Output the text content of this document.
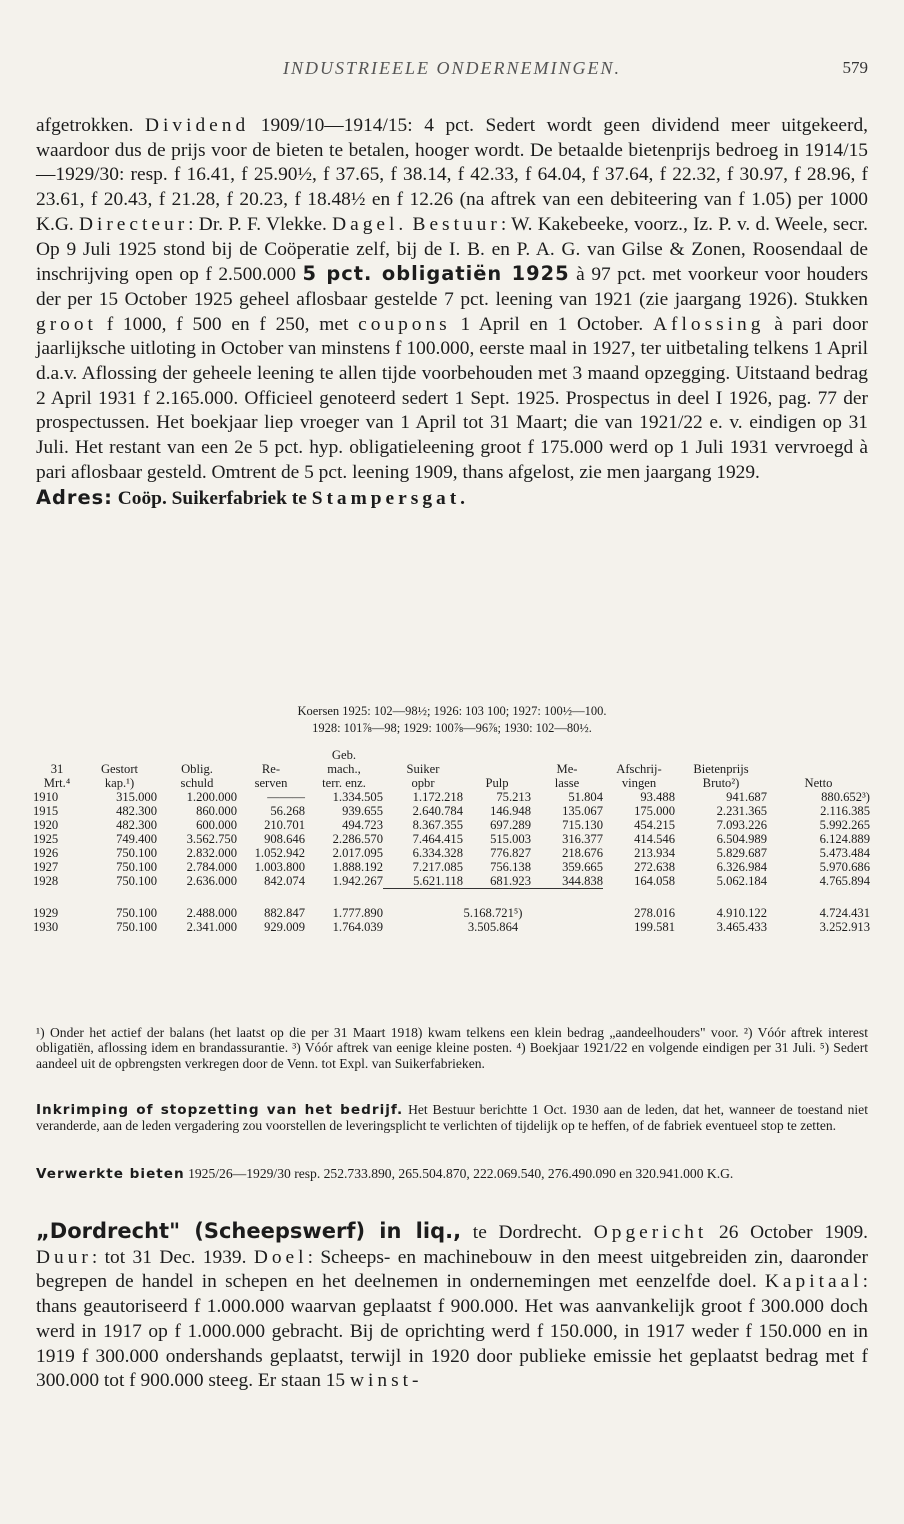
INDUSTRIEELE ONDERNEMINGEN.	579

afgetrokken. Dividend 1909/10—1914/15: 4 pct. Sedert wordt geen dividend meer uitgekeerd, waardoor dus de prijs voor de bieten te betalen, hooger wordt. De betaalde bietenprijs bedroeg in 1914/15—1929/30: resp. f 16.41, f 25.90½, f 37.65, f 38.14, f 42.33, f 64.04, f 37.64, f 22.32, f 30.97, f 28.96, f 23.61, f 20.43, f 21.28, f 20.23, f 18.48½ en f 12.26 (na aftrek van een debiteering van f 1.05) per 1000 K.G. Directeur: Dr. P. F. Vlekke. Dagel. Bestuur: W. Kakebeeke, voorz., Iz. P. v. d. Weele, secr. Op 9 Juli 1925 stond bij de Coöperatie zelf, bij de I. B. en P. A. G. van Gilse & Zonen, Roosendaal de inschrijving open op f 2.500.000 5 pct. obligatiën 1925 à 97 pct. met voorkeur voor houders der per 15 October 1925 geheel aflosbaar gestelde 7 pct. leening van 1921 (zie jaargang 1926). Stukken groot f 1000, f 500 en f 250, met coupons 1 April en 1 October. Aflossing à pari door jaarlijksche uitloting in October van minstens f 100.000, eerste maal in 1927, ter uitbetaling telkens 1 April d.a.v. Aflossing der geheele leening te allen tijde voorbehouden met 3 maand opzegging. Uitstaand bedrag 2 April 1931 f 2.165.000. Officieel genoteerd sedert 1 Sept. 1925. Prospectus in deel I 1926, pag. 77 der prospectussen. Het boekjaar liep vroeger van 1 April tot 31 Maart; die van 1921/22 e. v. eindigen op 31 Juli. Het restant van een 2e 5 pct. hyp. obligatieleening groot f 175.000 werd op 1 Juli 1931 vervroegd à pari aflosbaar gesteld. Omtrent de 5 pct. leening 1909, thans afgelost, zie men jaargang 1929.

Adres: Coöp. Suikerfabriek te Stampersgat.

Koersen 1925: 102—98½; 1926: 103 100; 1927: 100½—100.
1928: 101⅞—98; 1929: 100⅞—96⅞; 1930: 102—80½.
				Geb.						
31	Gestort	Oblig.	Re-	mach.,	Suiker		Me-	Afschrij-	Bietenprijs	
Mrt.⁴	kap.¹)	schuld	serven	terr. enz.	opbr	Pulp	lasse	vingen	Bruto²)	Netto
1910	315.000	1.200.000	———	1.334.505	1.172.218	75.213	51.804	93.488	941.687	880.652³)
1915	482.300	860.000	56.268	939.655	2.640.784	146.948	135.067	175.000	2.231.365	2.116.385
1920	482.300	600.000	210.701	494.723	8.367.355	697.289	715.130	454.215	7.093.226	5.992.265
1925	749.400	3.562.750	908.646	2.286.570	7.464.415	515.003	316.377	414.546	6.504.989	6.124.889
1926	750.100	2.832.000	1.052.942	2.017.095	6.334.328	776.827	218.676	213.934	5.829.687	5.473.484
1927	750.100	2.784.000	1.003.800	1.888.192	7.217.085	756.138	359.665	272.638	6.326.984	5.970.686
1928	750.100	2.636.000	842.074	1.942.267	5.621.118	681.923	344.838	164.058	5.062.184	4.765.894

1929	750.100	2.488.000	882.847	1.777.890	5.168.721⁵)			278.016	4.910.122	4.724.431
1930	750.100	2.341.000	929.009	1.764.039	3.505.864			199.581	3.465.433	3.252.913

¹) Onder het actief der balans (het laatst op die per 31 Maart 1918) kwam telkens een klein bedrag „aandeelhouders" voor. ²) Vóór aftrek interest obligatiën, aflossing idem en brandassurantie. ³) Vóór aftrek van eenige kleine posten. ⁴) Boekjaar 1921/22 en volgende eindigen per 31 Juli. ⁵) Sedert aandeel uit de opbrengsten verkregen door de Venn. tot Expl. van Suikerfabrieken.

Inkrimping of stopzetting van het bedrijf. Het Bestuur berichtte 1 Oct. 1930 aan de leden, dat het, wanneer de toestand niet veranderde, aan de leden vergadering zou voorstellen de leveringsplicht te verlichten of tijdelijk op te heffen, of de fabriek eventueel stop te zetten.

Verwerkte bieten 1925/26—1929/30 resp. 252.733.890, 265.504.870, 222.069.540, 276.490.090 en 320.941.000 K.G.

„Dordrecht" (Scheepswerf) in liq., te Dordrecht. Opgericht 26 October 1909. Duur: tot 31 Dec. 1939. Doel: Scheeps- en machinebouw in den meest uitgebreiden zin, daaronder begrepen de handel in schepen en het deelnemen in ondernemingen met eenzelfde doel. Kapitaal: thans geautoriseerd f 1.000.000 waarvan geplaatst f 900.000. Het was aanvankelijk groot f 300.000 doch werd in 1917 op f 1.000.000 gebracht. Bij de oprichting werd f 150.000, in 1917 weder f 150.000 en in 1919 f 300.000 ondershands geplaatst, terwijl in 1920 door publieke emissie het geplaatst bedrag met f 300.000 tot f 900.000 steeg. Er staan 15 winst-
